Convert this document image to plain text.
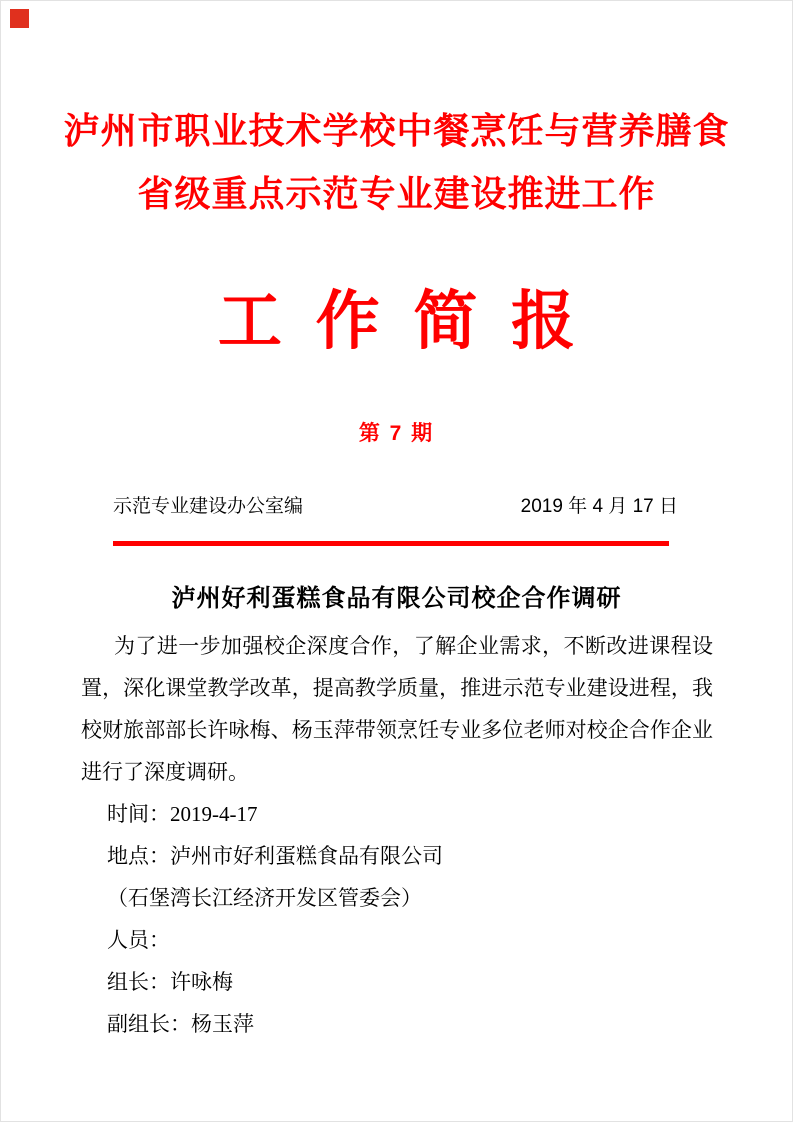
泸州市职业技术学校中餐烹饪与营养膳食
省级重点示范专业建设推进工作
工 作 简 报
第 7 期
示范专业建设办公室编	2019 年 4 月 17 日
泸州好利蛋糕食品有限公司校企合作调研

为了进一步加强校企深度合作，了解企业需求，不断改进课程设置，深化课堂教学改革，提高教学质量，推进示范专业建设进程，我校财旅部部长许咏梅、杨玉萍带领烹饪专业多位老师对校企合作企业进行了深度调研。

时间：2019-4-17

地点：泸州市好利蛋糕食品有限公司

（石堡湾长江经济开发区管委会）

人员：

组长：许咏梅

副组长：杨玉萍
